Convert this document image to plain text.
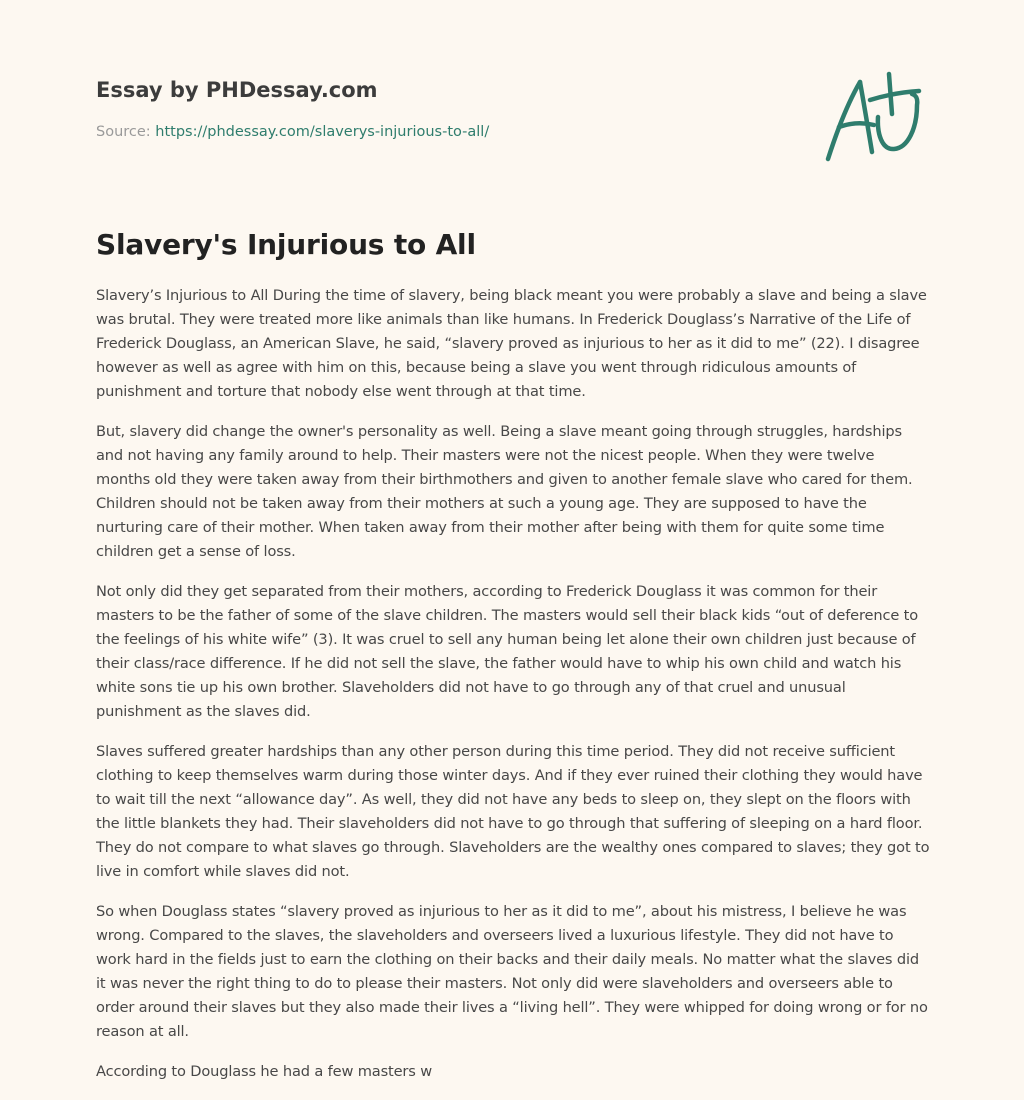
Essay by PHDessay.com
Source: https://phdessay.com/slaverys-injurious-to-all/
Slavery's Injurious to All

Slavery’s Injurious to All During the time of slavery, being black meant you were probably a slave and being a slave was brutal. They were treated more like animals than like humans. In Frederick Douglass’s Narrative of the Life of Frederick Douglass, an American Slave, he said, “slavery proved as injurious to her as it did to me” (22). I disagree however as well as agree with him on this, because being a slave you went through ridiculous amounts of punishment and torture that nobody else went through at that time.

But, slavery did change the owner's personality as well. Being a slave meant going through struggles, hardships and not having any family around to help. Their masters were not the nicest people. When they were twelve months old they were taken away from their birthmothers and given to another female slave who cared for them. Children should not be taken away from their mothers at such a young age. They are supposed to have the nurturing care of their mother. When taken away from their mother after being with them for quite some time children get a sense of loss.

Not only did they get separated from their mothers, according to Frederick Douglass it was common for their masters to be the father of some of the slave children. The masters would sell their black kids “out of deference to the feelings of his white wife” (3). It was cruel to sell any human being let alone their own children just because of their class/race difference. If he did not sell the slave, the father would have to whip his own child and watch his white sons tie up his own brother. Slaveholders did not have to go through any of that cruel and unusual punishment as the slaves did.

Slaves suffered greater hardships than any other person during this time period. They did not receive sufficient clothing to keep themselves warm during those winter days. And if they ever ruined their clothing they would have to wait till the next “allowance day”. As well, they did not have any beds to sleep on, they slept on the floors with the little blankets they had. Their slaveholders did not have to go through that suffering of sleeping on a hard floor. They do not compare to what slaves go through. Slaveholders are the wealthy ones compared to slaves; they got to live in comfort while slaves did not.

So when Douglass states “slavery proved as injurious to her as it did to me”, about his mistress, I believe he was wrong. Compared to the slaves, the slaveholders and overseers lived a luxurious lifestyle. They did not have to work hard in the fields just to earn the clothing on their backs and their daily meals. No matter what the slaves did it was never the right thing to do to please their masters. Not only did were slaveholders and overseers able to order around their slaves but they also made their lives a “living hell”. They were whipped for doing wrong or for no reason at all.

According to Douglass he had a few masters w
